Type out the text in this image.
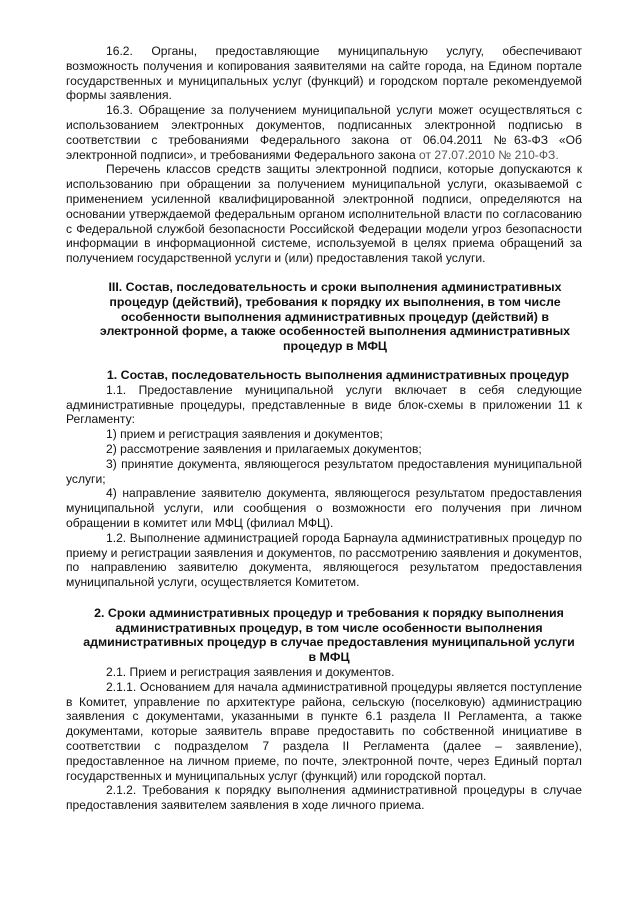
16.2. Органы, предоставляющие муниципальную услугу, обеспечивают возможность получения и копирования заявителями на сайте города, на Едином портале государственных и муниципальных услуг (функций) и городском портале рекомендуемой формы заявления.

16.3. Обращение за получением муниципальной услуги может осуществляться с использованием электронных документов, подписанных электронной подписью в соответствии с требованиями Федерального закона от 06.04.2011 №63-ФЗ «Об электронной подписи», и требованиями Федерального закона от 27.07.2010 № 210-ФЗ.

Перечень классов средств защиты электронной подписи, которые допускаются к использованию при обращении за получением муниципальной услуги, оказываемой с применением усиленной квалифицированной электронной подписи, определяются на основании утверждаемой федеральным органом исполнительной власти по согласованию с Федеральной службой безопасности Российской Федерации модели угроз безопасности информации в информационной системе, используемой в целях приема обращений за получением государственной услуги и (или) предоставления такой услуги.

III. Состав, последовательность и сроки выполнения административных процедур (действий), требования к порядку их выполнения, в том числе особенности выполнения административных процедур (действий) в электронной форме, а также особенностей выполнения административных процедур в МФЦ
1. Состав, последовательность выполнения административных процедур

1.1. Предоставление муниципальной услуги включает в себя следующие административные процедуры, представленные в виде блок-схемы в приложении 11 к Регламенту:

1) прием и регистрация заявления и документов;

2) рассмотрение заявления и прилагаемых документов;

3) принятие документа, являющегося результатом предоставления муниципальной услуги;

4) направление заявителю документа, являющегося результатом предоставления муниципальной услуги, или сообщения о возможности его получения при личном обращении в комитет или МФЦ (филиал МФЦ).

1.2. Выполнение администрацией города Барнаула административных процедур по приему и регистрации заявления и документов, по рассмотрению заявления и документов, по направлению заявителю документа, являющегося результатом предоставления муниципальной услуги, осуществляется Комитетом.

2. Сроки административных процедур и требования к порядку выполнения административных процедур, в том числе особенности выполнения административных процедур в случае предоставления муниципальной услуги в МФЦ

2.1. Прием и регистрация заявления и документов.

2.1.1. Основанием для начала административной процедуры является поступление в Комитет, управление по архитектуре района, сельскую (поселковую) администрацию заявления с документами, указанными в пункте 6.1 раздела II Регламента, а также документами, которые заявитель вправе предоставить по собственной инициативе в соответствии с подразделом 7 раздела II Регламента (далее – заявление), предоставленное на личном приеме, по почте, электронной почте, через Единый портал государственных и муниципальных услуг (функций) или городской портал.

2.1.2. Требования к порядку выполнения административной процедуры в случае предоставления заявителем заявления в ходе личного приема.
